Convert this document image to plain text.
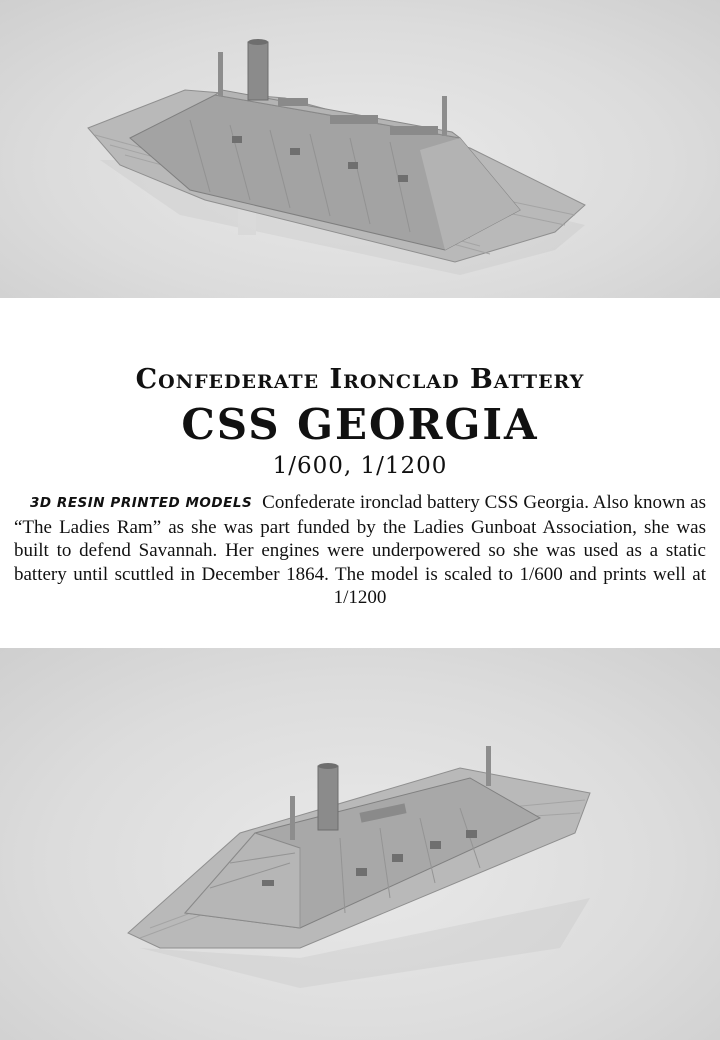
Confederate Ironclad Battery
CSS GEORGIA
1/600, 1/1200
3D RESIN PRINTED MODELS Confederate ironclad battery CSS Georgia. Also known as “The Ladies Ram” as she was part funded by the Ladies Gunboat Association, she was built to defend Savannah. Her engines were underpowered so she was used as a static battery until scuttled in December 1864. The model is scaled to 1/600 and prints well at 1/1200
